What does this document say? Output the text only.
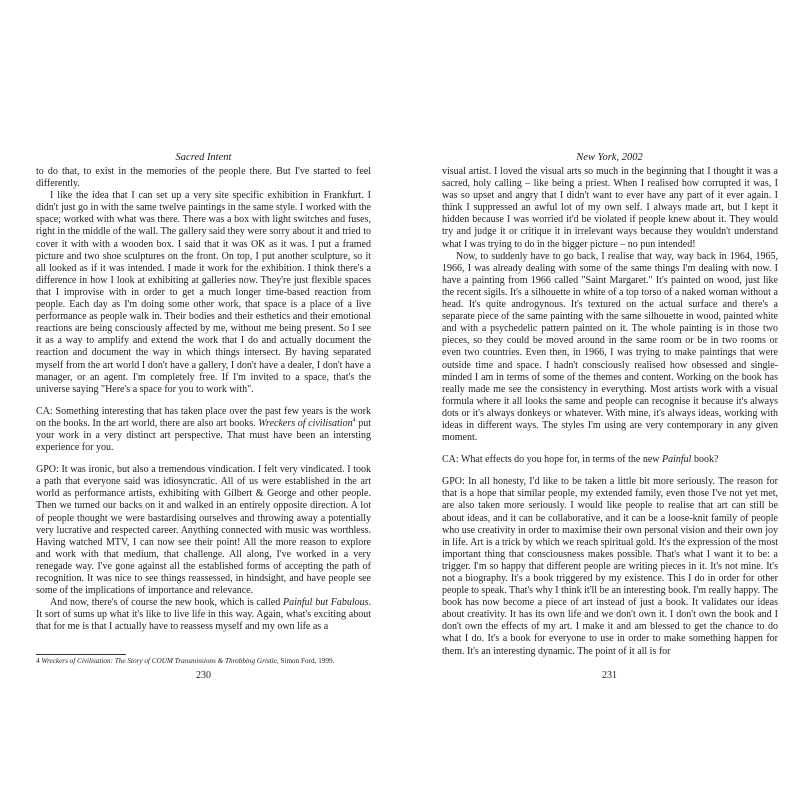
Sacred Intent

to do that, to exist in the memories of the people there. But I've started to feel differently.

I like the idea that I can set up a very site specific exhibition in Frankfurt. I didn't just go in with the same twelve paintings in the same style. I worked with the space; worked with what was there. There was a box with light switches and fuses, right in the middle of the wall. The gallery said they were sorry about it and tried to cover it with with a wooden box. I said that it was OK as it was. I put a framed picture and two shoe sculptures on the front. On top, I put another sculpture, so it all looked as if it was intended. I made it work for the exhibition. I think there's a difference in how I look at exhibiting at galleries now. They're just flexible spaces that I improvise with in order to get a much longer time-based reaction from people. Each day as I'm doing some other work, that space is a place of a live performance as people walk in. Their bodies and their esthetics and their emotional reactions are being consciously affected by me, without me being present. So I see it as a way to amplify and extend the work that I do and actually document the reaction and document the way in which things intersect. By having separated myself from the art world I don't have a gallery, I don't have a dealer, I don't have a manager, or an agent. I'm completely free. If I'm invited to a space, that's the universe saying "Here's a space for you to work with".

CA: Something interesting that has taken place over the past few years is the work on the books. In the art world, there are also art books. Wreckers of civilisation$^4$ put your work in a very distinct art perspective. That must have been an intersting experience for you.

GPO: It was ironic, but also a tremendous vindication. I felt very vindicated. I took a path that everyone said was idiosyncratic. All of us were established in the art world as performance artists, exhibiting with Gilbert & George and other people. Then we turned our backs on it and walked in an entirely opposite direction. A lot of people thought we were bastardising ourselves and throwing away a potentially very lucrative and respected career. Anything connected with music was worthless. Having watched MTV, I can now see their point! All the more reason to explore and work with that medium, that challenge. All along, I've worked in a very renegade way. I've gone against all the established forms of accepting the path of recognition. It was nice to see things reassessed, in hindsight, and have people see some of the implications of importance and relevance.

And now, there's of course the new book, which is called Painful but Fabulous. It sort of sums up what it's like to live life in this way. Again, what's exciting about that for me is that I actually have to reassess myself and my own life as a

4 Wreckers of Civilisation: The Story of COUM Transmissions & Throbbing Gristle, Simon Ford, 1999.
230
New York, 2002

visual artist. I loved the visual arts so much in the beginning that I thought it was a sacred, holy calling – like being a priest. When I realised how corrupted it was, I was so upset and angry that I didn't want to ever have any part of it ever again. I think I suppressed an awful lot of my own self. I always made art, but I kept it hidden because I was worried it'd be violated if people knew about it. They would try and judge it or critique it in irrelevant ways because they wouldn't understand what I was trying to do in the bigger picture – no pun intended!

Now, to suddenly have to go back, I realise that way, way back in 1964, 1965, 1966, I was already dealing with some of the same things I'm dealing with now. I have a painting from 1966 called "Saint Margaret." It's painted on wood, just like the recent sigils. It's a silhouette in white of a top torso of a naked woman without a head. It's quite androgynous. It's textured on the actual surface and there's a separate piece of the same painting with the same silhouette in wood, painted white and with a psychedelic pattern painted on it. The whole painting is in those two pieces, so they could be moved around in the same room or be in two rooms or even two countries. Even then, in 1966, I was trying to make paintings that were outside time and space. I hadn't consciously realised how obsessed and single-minded I am in terms of some of the themes and content. Working on the book has really made me see the consistency in everything. Most artists work with a visual formula where it all looks the same and people can recognise it because it's always dots or it's always donkeys or whatever. With mine, it's always ideas, working with ideas in different ways. The styles I'm using are very contemporary in any given moment.

CA: What effects do you hope for, in terms of the new Painful book?

GPO: In all honesty, I'd like to be taken a little bit more seriously. The reason for that is a hope that similar people, my extended family, even those I've not yet met, are also taken more seriously. I would like people to realise that art can still be about ideas, and it can be collaborative, and it can be a loose-knit family of people who use creativity in order to maximise their own personal vision and their own joy in life. Art is a trick by which we reach spiritual gold. It's the expression of the most important thing that consciousness makes possible. That's what I want it to be: a trigger. I'm so happy that different people are writing pieces in it. It's not mine. It's not a biography. It's a book triggered by my existence. This I do in order for other people to speak. That's why I think it'll be an interesting book. I'm really happy. The book has now become a piece of art instead of just a book. It validates our ideas about creativity. It has its own life and we don't own it. I don't own the book and I don't own the effects of my art. I make it and am blessed to get the chance to do what I do. It's a book for everyone to use in order to make something happen for them. It's an interesting dynamic. The point of it all is for

231
